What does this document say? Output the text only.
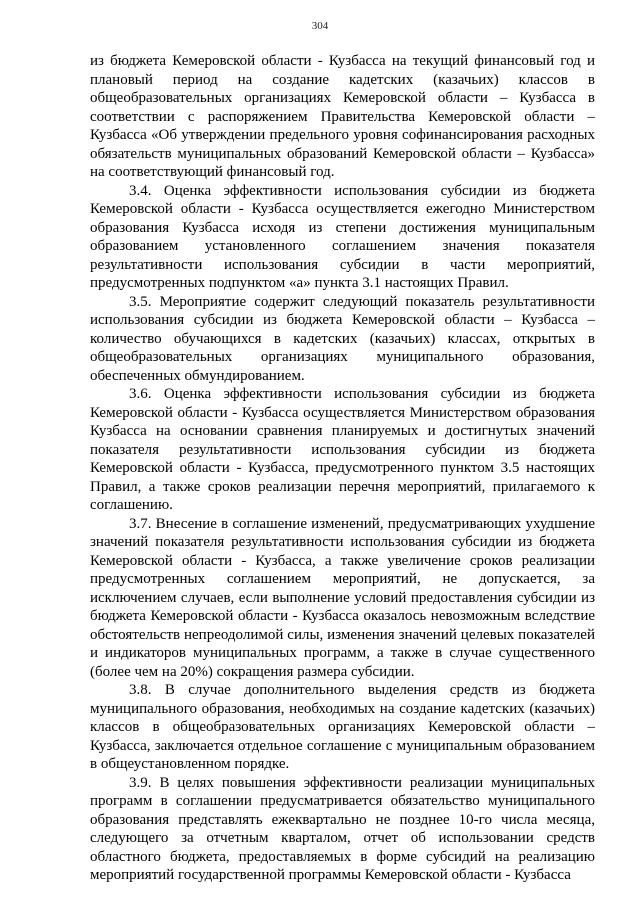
304

из бюджета Кемеровской области - Кузбасса на текущий финансовый год и плановый период на создание кадетских (казачьих) классов в общеобразовательных организациях Кемеровской области – Кузбасса в соответствии с распоряжением Правительства Кемеровской области – Кузбасса «Об утверждении предельного уровня софинансирования расходных обязательств муниципальных образований Кемеровской области – Кузбасса» на соответствующий финансовый год.

3.4. Оценка эффективности использования субсидии из бюджета Кемеровской области - Кузбасса осуществляется ежегодно Министерством образования Кузбасса исходя из степени достижения муниципальным образованием установленного соглашением значения показателя результативности использования субсидии в части мероприятий, предусмотренных подпунктом «а» пункта 3.1 настоящих Правил.

3.5. Мероприятие содержит следующий показатель результативности использования субсидии из бюджета Кемеровской области – Кузбасса – количество обучающихся в кадетских (казачьих) классах, открытых в общеобразовательных организациях муниципального образования, обеспеченных обмундированием.

3.6. Оценка эффективности использования субсидии из бюджета Кемеровской области - Кузбасса осуществляется Министерством образования Кузбасса на основании сравнения планируемых и достигнутых значений показателя результативности использования субсидии из бюджета Кемеровской области - Кузбасса, предусмотренного пунктом 3.5 настоящих Правил, а также сроков реализации перечня мероприятий, прилагаемого к соглашению.

3.7. Внесение в соглашение изменений, предусматривающих ухудшение значений показателя результативности использования субсидии из бюджета Кемеровской области - Кузбасса, а также увеличение сроков реализации предусмотренных соглашением мероприятий, не допускается, за исключением случаев, если выполнение условий предоставления субсидии из бюджета Кемеровской области - Кузбасса оказалось невозможным вследствие обстоятельств непреодолимой силы, изменения значений целевых показателей и индикаторов муниципальных программ, а также в случае существенного (более чем на 20%) сокращения размера субсидии.

3.8. В случае дополнительного выделения средств из бюджета муниципального образования, необходимых на создание кадетских (казачьих) классов в общеобразовательных организациях Кемеровской области – Кузбасса, заключается отдельное соглашение с муниципальным образованием в общеустановленном порядке.

3.9. В целях повышения эффективности реализации муниципальных программ в соглашении предусматривается обязательство муниципального образования представлять ежеквартально не позднее 10-го числа месяца, следующего за отчетным кварталом, отчет об использовании средств областного бюджета, предоставляемых в форме субсидий на реализацию мероприятий государственной программы Кемеровской области - Кузбасса
